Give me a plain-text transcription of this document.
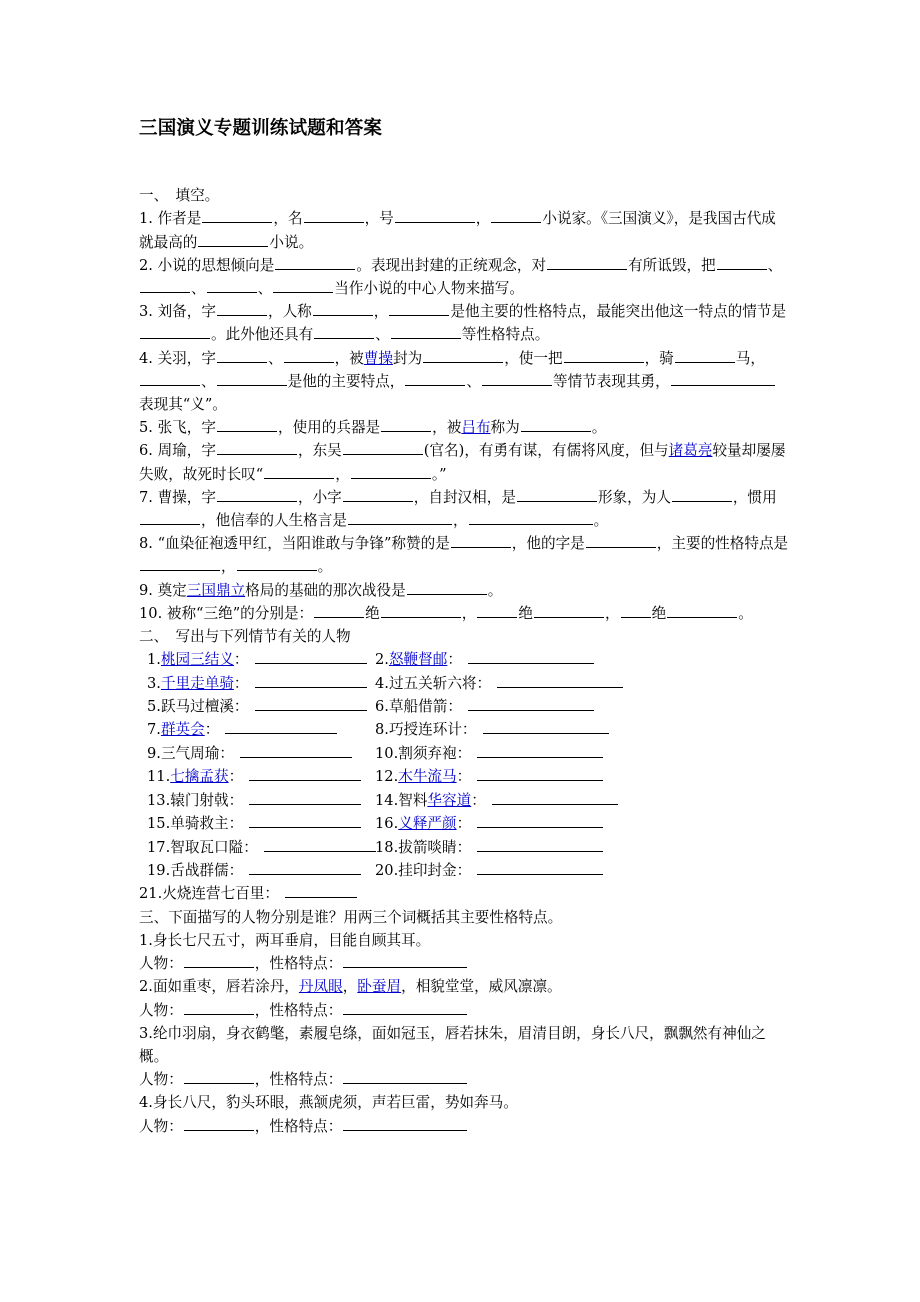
三国演义专题训练试题和答案
一、　填空。
1. 作者是	，名	，号	，	小说家。《三国演义》，是我国古代成就最高的	小说。
2. 小说的思想倾向是	。表现出封建的正统观念，对	有所诋毁，把	、、	、	当作小说的中心人物来描写。
3. 刘备，字	，人称	，	是他主要的性格特点，最能突出他这一特点的情节是。此外他还具有	、	等性格特点。
4. 关羽，字	、	，被曹操封为	，使一把	，骑	马，、	是他的主要特点，	、	等情节表现其勇，表现其“义”。
5. 张飞，字	，使用的兵器是	，被吕布称为	。
6. 周瑜，字	，东吴	(官名)，有勇有谋，有儒将风度，但与诸葛亮较量却屡屡失败，故死时长叹“	，	。”
7. 曹操，字	，小字	，自封汉相，是	形象，为人	，惯用，他信奉的人生格言是	，	。
8. “血染征袍透甲红，当阳谁敢与争锋”称赞的是	，他的字是	，主要的性格特点是，	。
9. 奠定三国鼎立格局的基础的那次战役是	。
10. 被称“三绝”的分别是：	绝	，	绝	， 绝	。
二、　写出与下列情节有关的人物
1.桃园三结义：	2.怒鞭督邮：
3.千里走单骑：	4.过五关斩六将：
5.跃马过檀溪：	6.草船借箭：
7.群英会：	8.巧授连环计：
9.三气周瑜：	10.割须弃袍：
11.七擒孟获：	12.木牛流马：
13.辕门射戟：	14.智料华容道：
15.单骑救主：	16.义释严颜：
17.智取瓦口隘：	18.拔箭啖睛：
19.舌战群儒：	20.挂印封金：
21.火烧连营七百里：
三、下面描写的人物分别是谁？用两三个词概括其主要性格特点。
1.身长七尺五寸，两耳垂肩，目能自顾其耳。
人物：	，性格特点：
2.面如重枣，唇若涂丹，丹凤眼，卧蚕眉，相貌堂堂，威风凛凛。
人物：	，性格特点：
3.纶巾羽扇，身衣鹤氅，素履皂绦，面如冠玉，唇若抹朱，眉清目朗，身长八尺，飘飘然有神仙之概。
人物：	，性格特点：
4.身长八尺，豹头环眼，燕颔虎须，声若巨雷，势如奔马。
人物：	，性格特点：
